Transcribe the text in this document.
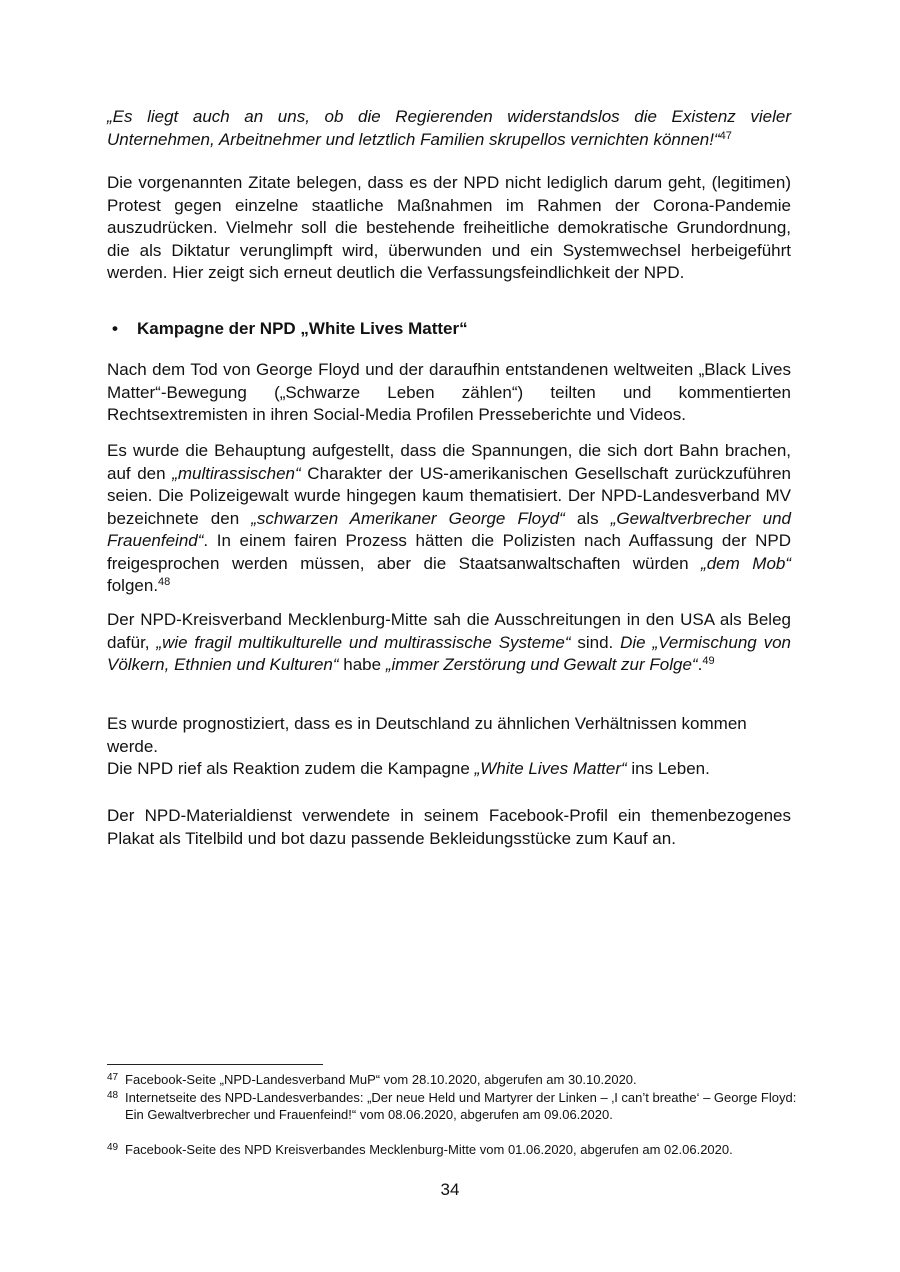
„Es liegt auch an uns, ob die Regierenden widerstandslos die Existenz vieler Unternehmen, Arbeitnehmer und letztlich Familien skrupellos vernichten können!“$^{47}$

Die vorgenannten Zitate belegen, dass es der NPD nicht lediglich darum geht, (legitimen) Protest gegen einzelne staatliche Maßnahmen im Rahmen der Corona-Pandemie auszudrücken. Vielmehr soll die bestehende freiheitliche demokratische Grundordnung, die als Diktatur verunglimpft wird, überwunden und ein Systemwechsel herbeigeführt werden. Hier zeigt sich erneut deutlich die Verfassungsfeindlichkeit der NPD.

• Kampagne der NPD „White Lives Matter“

Nach dem Tod von George Floyd und der daraufhin entstandenen weltweiten „Black Lives Matter“-Bewegung („Schwarze Leben zählen“) teilten und kommentierten Rechtsextremisten in ihren Social-Media Profilen Presseberichte und Videos.

Es wurde die Behauptung aufgestellt, dass die Spannungen, die sich dort Bahn brachen, auf den „multirassischen“ Charakter der US-amerikanischen Gesellschaft zurückzuführen seien. Die Polizeigewalt wurde hingegen kaum thematisiert. Der NPD-Landesverband MV bezeichnete den „schwarzen Amerikaner George Floyd“ als „Gewaltverbrecher und Frauenfeind“. In einem fairen Prozess hätten die Polizisten nach Auffassung der NPD freigesprochen werden müssen, aber die Staatsanwaltschaften würden „dem Mob“ folgen.$^{48}$

Der NPD-Kreisverband Mecklenburg-Mitte sah die Ausschreitungen in den USA als Beleg dafür, „wie fragil multikulturelle und multirassische Systeme“ sind. Die „Vermischung von Völkern, Ethnien und Kulturen“ habe „immer Zerstörung und Gewalt zur Folge“.$^{49}$

Es wurde prognostiziert, dass es in Deutschland zu ähnlichen Verhältnissen kommen werde.

Die NPD rief als Reaktion zudem die Kampagne „White Lives Matter“ ins Leben.

Der NPD-Materialdienst verwendete in seinem Facebook-Profil ein themenbezogenes Plakat als Titelbild und bot dazu passende Bekleidungsstücke zum Kauf an.

47 Facebook-Seite „NPD-Landesverband MuP“ vom 28.10.2020, abgerufen am 30.10.2020.
48 Internetseite des NPD-Landesverbandes: „Der neue Held und Martyrer der Linken – ‚I can’t breathe‘ – George Floyd: Ein Gewaltverbrecher und Frauenfeind!“ vom 08.06.2020, abgerufen am 09.06.2020.
49 Facebook-Seite des NPD Kreisverbandes Mecklenburg-Mitte vom 01.06.2020, abgerufen am 02.06.2020.
34
